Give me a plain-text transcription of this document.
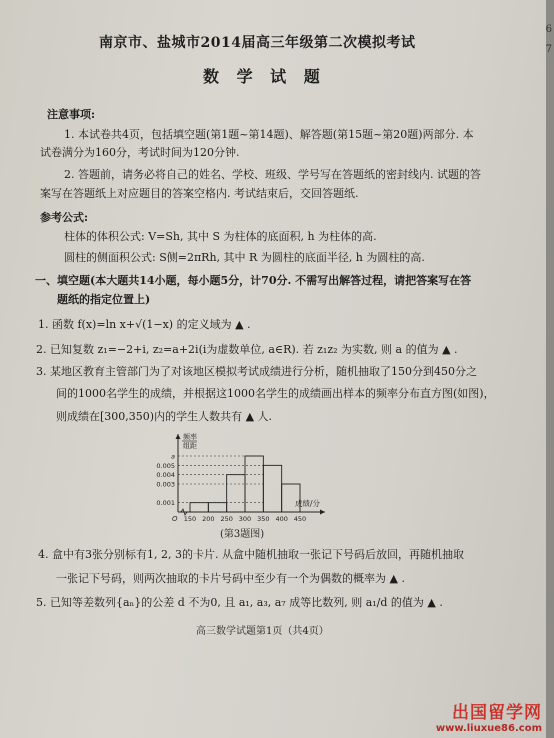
南京市、盐城市2014届高三年级第二次模拟考试
数 学 试 题
注意事项:
1. 本试卷共4页，包括填空题(第1题~第14题)、解答题(第15题~第20题)两部分. 本
试卷满分为160分，考试时间为120分钟.
2. 答题前，请务必将自己的姓名、学校、班级、学号写在答题纸的密封线内. 试题的答
案写在答题纸上对应题目的答案空格内. 考试结束后，交回答题纸.
参考公式:
柱体的体积公式: V=Sh, 其中 S 为柱体的底面积, h 为柱体的高.
圆柱的侧面积公式: S侧=2πRh, 其中 R 为圆柱的底面半径, h 为圆柱的高.
一、填空题(本大题共14小题，每小题5分，计70分. 不需写出解答过程，请把答案写在答
题纸的指定位置上)
1. 函数 f(x)=ln x+√(1−x) 的定义域为 ▲ .
2. 已知复数 z₁=−2+i, z₂=a+2i(i为虚数单位, a∈R). 若 z₁z₂ 为实数, 则 a 的值为 ▲ .
3. 某地区教育主管部门为了对该地区模拟考试成绩进行分析，随机抽取了150分到450分之
间的1000名学生的成绩，并根据这1000名学生的成绩画出样本的频率分布直方图(如图)，
则成绩在[300,350)内的学生人数共有 ▲ 人.
a
0.005
0.004
0.003
0.001
150 200 250 300 350 400 450
O
频率
组距
成绩/分
(第3题图)
4. 盒中有3张分别标有1, 2, 3的卡片. 从盒中随机抽取一张记下号码后放回，再随机抽取
一张记下号码，则两次抽取的卡片号码中至少有一个为偶数的概率为 ▲ .
5. 已知等差数列{aₙ}的公差 d 不为0, 且 a₁, a₃, a₇ 成等比数列, 则 a₁/d 的值为 ▲ .
高三数学试题第1页（共4页）
出国留学网
www.liuxue86.com
6
7
